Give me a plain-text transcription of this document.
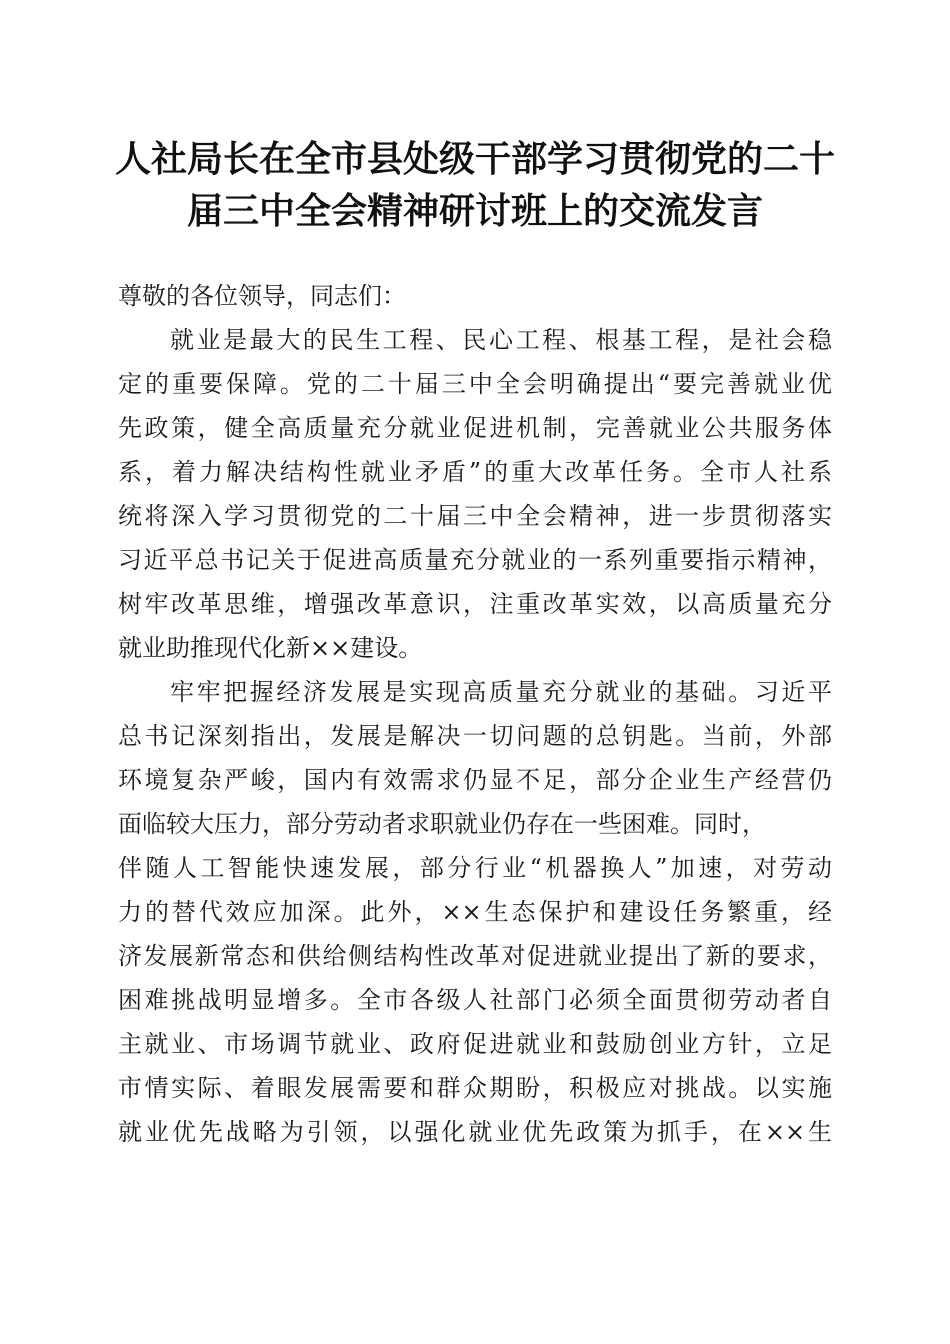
人社局长在全市县处级干部学习贯彻党的二十
届三中全会精神研讨班上的交流发言
尊敬的各位领导，同志们：
就业是最大的民生工程、民心工程、根基工程，是社会稳
定的重要保障。党的二十届三中全会明确提出“要完善就业优
先政策，健全高质量充分就业促进机制，完善就业公共服务体
系，着力解决结构性就业矛盾”的重大改革任务。全市人社系
统将深入学习贯彻党的二十届三中全会精神，进一步贯彻落实
习近平总书记关于促进高质量充分就业的一系列重要指示精神，
树牢改革思维，增强改革意识，注重改革实效，以高质量充分
就业助推现代化新××建设。
牢牢把握经济发展是实现高质量充分就业的基础。习近平
总书记深刻指出，发展是解决一切问题的总钥匙。当前，外部
环境复杂严峻，国内有效需求仍显不足，部分企业生产经营仍
面临较大压力，部分劳动者求职就业仍存在一些困难。同时，
伴随人工智能快速发展，部分行业“机器换人”加速，对劳动
力的替代效应加深。此外，××生态保护和建设任务繁重，经
济发展新常态和供给侧结构性改革对促进就业提出了新的要求，
困难挑战明显增多。全市各级人社部门必须全面贯彻劳动者自
主就业、市场调节就业、政府促进就业和鼓励创业方针，立足
市情实际、着眼发展需要和群众期盼，积极应对挑战。以实施
就业优先战略为引领，以强化就业优先政策为抓手，在××生
